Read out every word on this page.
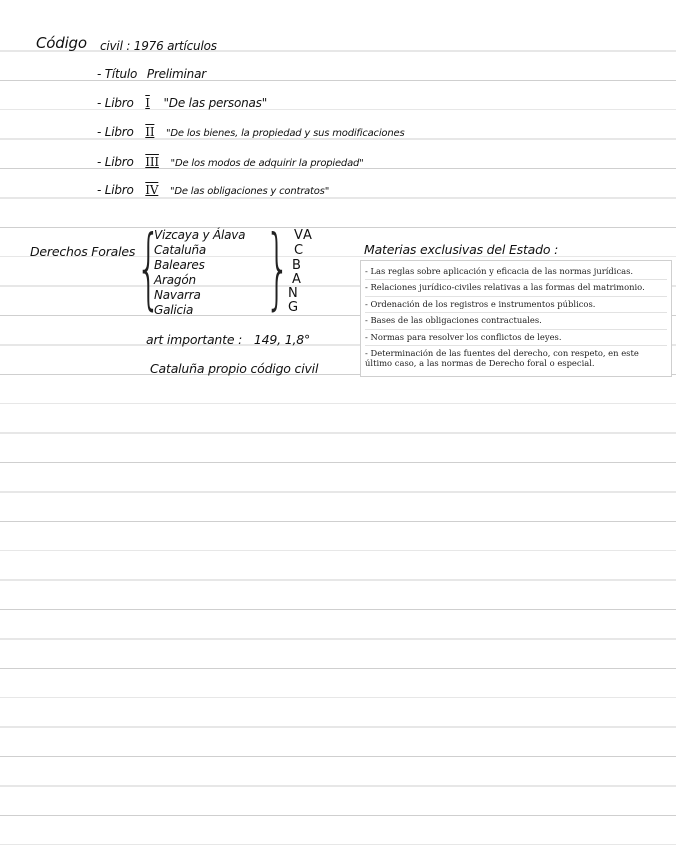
Código civil : 1976 artículos
- Título Preliminar
- Libro I "De las personas"
- Libro II "De los bienes, la propiedad y sus modificaciones
- Libro III "De los modos de adquirir la propiedad"
- Libro IV "De las obligaciones y contratos"
Derechos Forales { }
Vizcaya y Álava
Cataluña
Baleares
Aragón
Navarra
Galicia
VA
C
B
A
N
G
art importante : 149, 1,8°
Cataluña propio código civil
Materias exclusivas del Estado :
- Las reglas sobre aplicación y eficacia de las normas jurídicas.
- Relaciones jurídico-civiles relativas a las formas del matrimonio.
- Ordenación de los registros e instrumentos públicos.
- Bases de las obligaciones contractuales.
- Normas para resolver los conflictos de leyes.
- Determinación de las fuentes del derecho, con respeto, en este último caso, a las normas de Derecho foral o especial.
